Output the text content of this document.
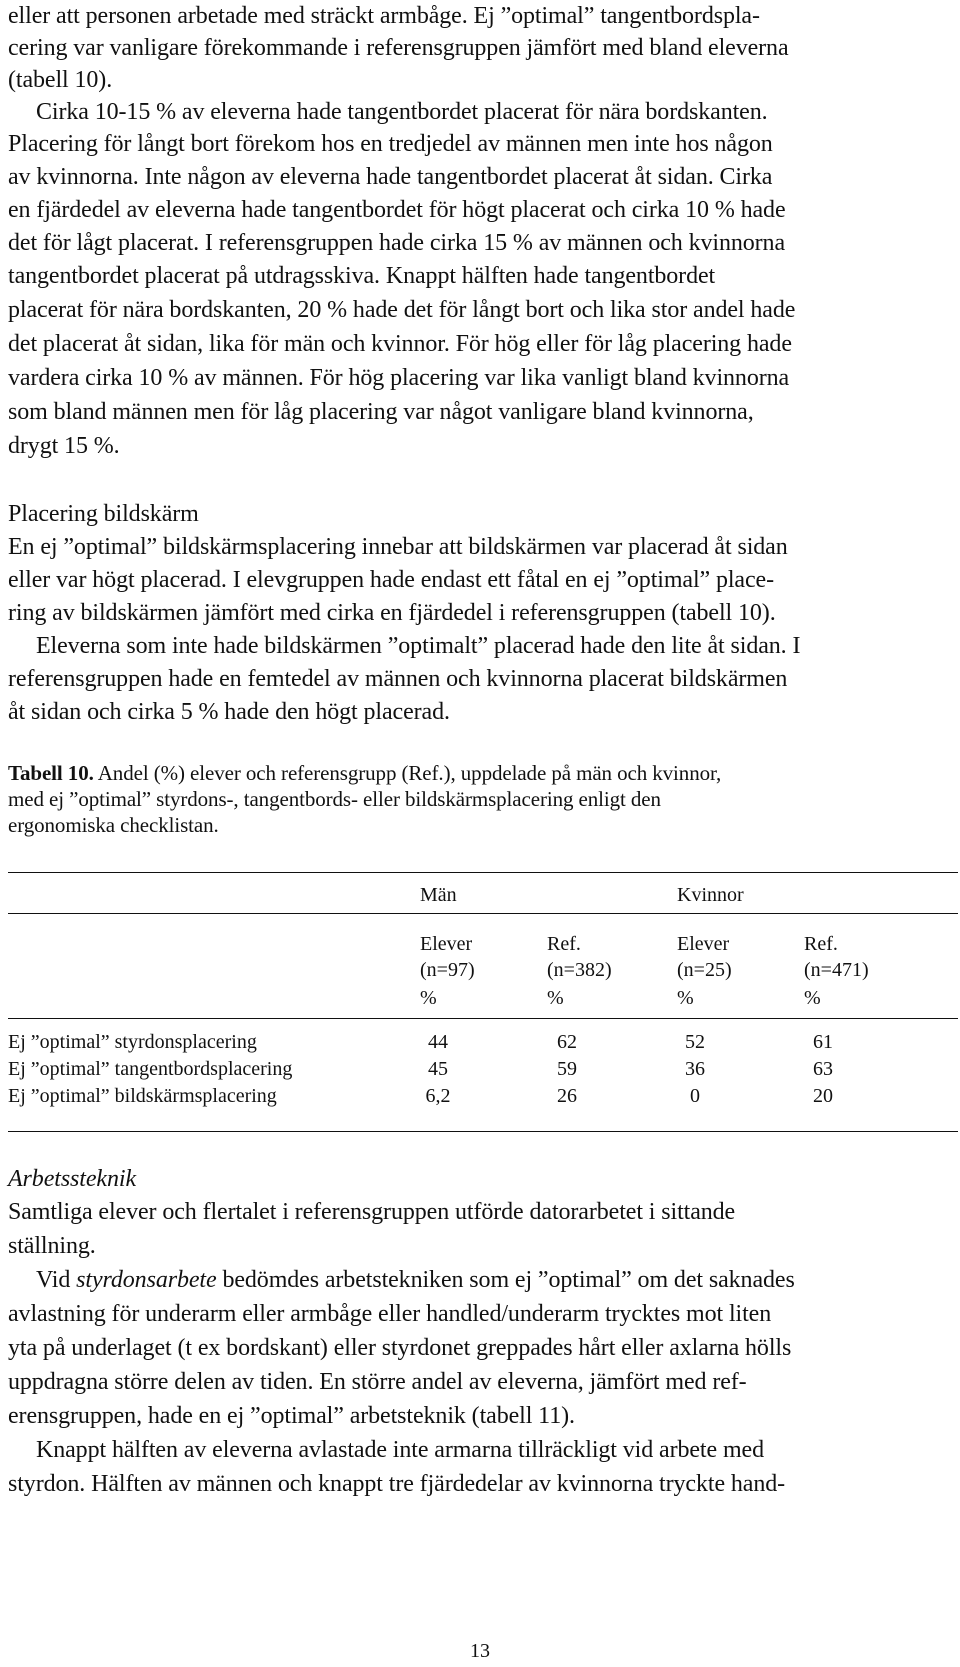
eller att personen arbetade med sträckt armbåge. Ej ”optimal” tangentbordspla-
cering var vanligare förekommande i referensgruppen jämfört med bland eleverna
(tabell 10).
Cirka 10-15 % av eleverna hade tangentbordet placerat för nära bordskanten.
Placering för långt bort förekom hos en tredjedel av männen men inte hos någon
av kvinnorna. Inte någon av eleverna hade tangentbordet placerat åt sidan. Cirka
en fjärdedel av eleverna hade tangentbordet för högt placerat och cirka 10 % hade
det för lågt placerat. I referensgruppen hade cirka 15 % av männen och kvinnorna
tangentbordet placerat på utdragsskiva. Knappt hälften hade tangentbordet
placerat för nära bordskanten, 20 % hade det för långt bort och lika stor andel hade
det placerat åt sidan, lika för män och kvinnor. För hög eller för låg placering hade
vardera cirka 10 % av männen. För hög placering var lika vanligt bland kvinnorna
som bland männen men för låg placering var något vanligare bland kvinnorna,
drygt 15 %.
Placering bildskärm
En ej ”optimal” bildskärmsplacering innebar att bildskärmen var placerad åt sidan
eller var högt placerad. I elevgruppen hade endast ett fåtal en ej ”optimal” place-
ring av bildskärmen jämfört med cirka en fjärdedel i referensgruppen (tabell 10).
Eleverna som inte hade bildskärmen ”optimalt” placerad hade den lite åt sidan. I
referensgruppen hade en femtedel av männen och kvinnorna placerat bildskärmen
åt sidan och cirka 5 % hade den högt placerad.
Tabell 10. Andel (%) elever och referensgrupp (Ref.), uppdelade på män och kvinnor,
med ej ”optimal” styrdons-, tangentbords- eller bildskärmsplacering enligt den
ergonomiska checklistan.
Män	Kvinnor
Elever	Ref.	Elever	Ref.
(n=97)	(n=382)	(n=25)	(n=471)
%	%	%	%
Ej ”optimal” styrdonsplacering	44	62	52	61
Ej ”optimal” tangentbordsplacering	45	59	36	63
Ej ”optimal” bildskärmsplacering	6,2	26	0	20
Arbetssteknik
Samtliga elever och flertalet i referensgruppen utförde datorarbetet i sittande
ställning.
Vid styrdonsarbete bedömdes arbetstekniken som ej ”optimal” om det saknades
avlastning för underarm eller armbåge eller handled/underarm trycktes mot liten
yta på underlaget (t ex bordskant) eller styrdonet greppades hårt eller axlarna hölls
uppdragna större delen av tiden. En större andel av eleverna, jämfört med ref-
erensgruppen, hade en ej ”optimal” arbetsteknik (tabell 11).
Knappt hälften av eleverna avlastade inte armarna tillräckligt vid arbete med
styrdon. Hälften av männen och knappt tre fjärdedelar av kvinnorna tryckte hand-
13
